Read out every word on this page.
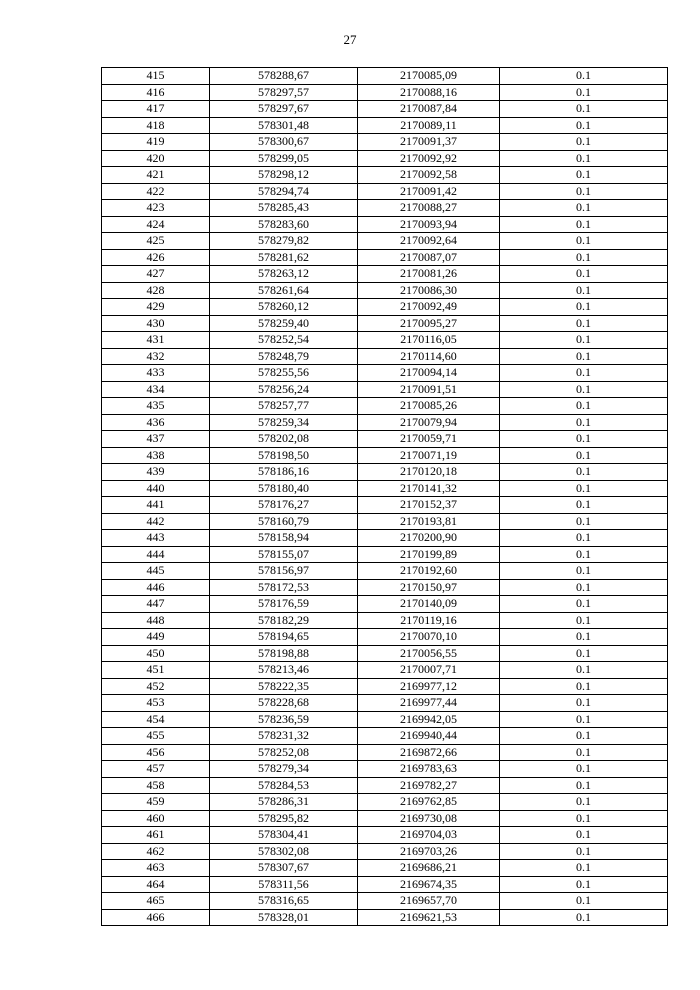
27
415	578288,67	2170085,09	0.1
416	578297,57	2170088,16	0.1
417	578297,67	2170087,84	0.1
418	578301,48	2170089,11	0.1
419	578300,67	2170091,37	0.1
420	578299,05	2170092,92	0.1
421	578298,12	2170092,58	0.1
422	578294,74	2170091,42	0.1
423	578285,43	2170088,27	0.1
424	578283,60	2170093,94	0.1
425	578279,82	2170092,64	0.1
426	578281,62	2170087,07	0.1
427	578263,12	2170081,26	0.1
428	578261,64	2170086,30	0.1
429	578260,12	2170092,49	0.1
430	578259,40	2170095,27	0.1
431	578252,54	2170116,05	0.1
432	578248,79	2170114,60	0.1
433	578255,56	2170094,14	0.1
434	578256,24	2170091,51	0.1
435	578257,77	2170085,26	0.1
436	578259,34	2170079,94	0.1
437	578202,08	2170059,71	0.1
438	578198,50	2170071,19	0.1
439	578186,16	2170120,18	0.1
440	578180,40	2170141,32	0.1
441	578176,27	2170152,37	0.1
442	578160,79	2170193,81	0.1
443	578158,94	2170200,90	0.1
444	578155,07	2170199,89	0.1
445	578156,97	2170192,60	0.1
446	578172,53	2170150,97	0.1
447	578176,59	2170140,09	0.1
448	578182,29	2170119,16	0.1
449	578194,65	2170070,10	0.1
450	578198,88	2170056,55	0.1
451	578213,46	2170007,71	0.1
452	578222,35	2169977,12	0.1
453	578228,68	2169977,44	0.1
454	578236,59	2169942,05	0.1
455	578231,32	2169940,44	0.1
456	578252,08	2169872,66	0.1
457	578279,34	2169783,63	0.1
458	578284,53	2169782,27	0.1
459	578286,31	2169762,85	0.1
460	578295,82	2169730,08	0.1
461	578304,41	2169704,03	0.1
462	578302,08	2169703,26	0.1
463	578307,67	2169686,21	0.1
464	578311,56	2169674,35	0.1
465	578316,65	2169657,70	0.1
466	578328,01	2169621,53	0.1
